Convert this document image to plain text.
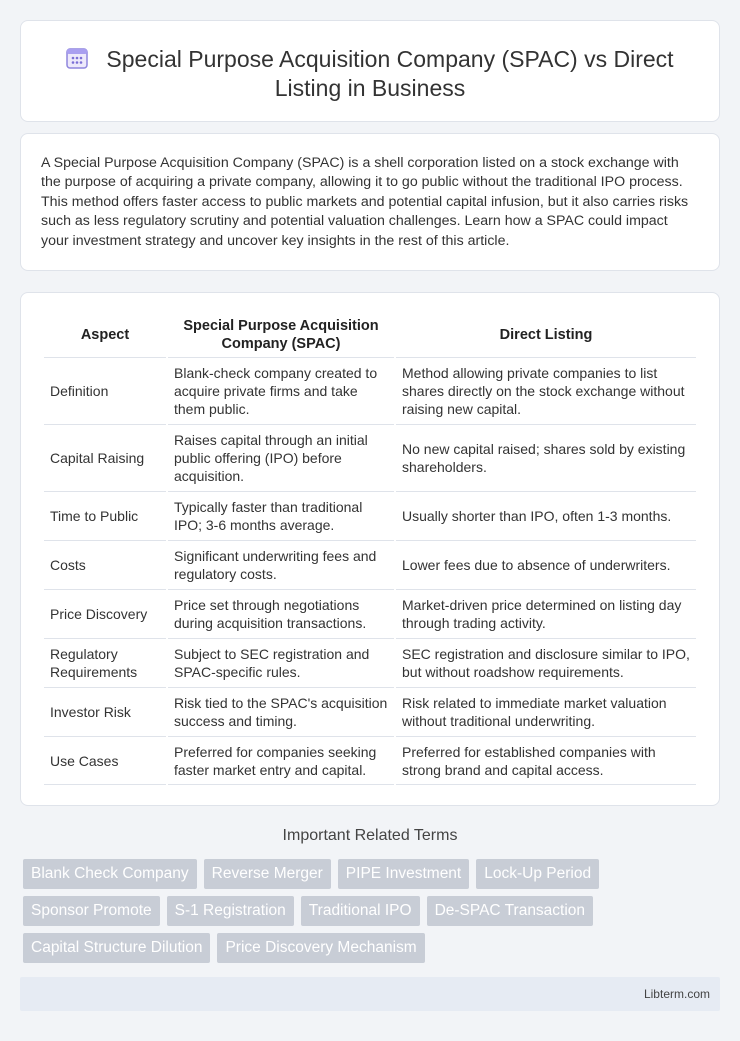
Special Purpose Acquisition Company (SPAC) vs Direct Listing in Business

A Special Purpose Acquisition Company (SPAC) is a shell corporation listed on a stock exchange with the purpose of acquiring a private company, allowing it to go public without the traditional IPO process. This method offers faster access to public markets and potential capital infusion, but it also carries risks such as less regulatory scrutiny and potential valuation challenges. Learn how a SPAC could impact your investment strategy and uncover key insights in the rest of this article.

Aspect	Special Purpose Acquisition Company (SPAC)	Direct Listing
Definition	Blank-check company created to acquire private firms and take them public.	Method allowing private companies to list shares directly on the stock exchange without raising new capital.
Capital Raising	Raises capital through an initial public offering (IPO) before acquisition.	No new capital raised; shares sold by existing shareholders.
Time to Public	Typically faster than traditional IPO; 3-6 months average.	Usually shorter than IPO, often 1-3 months.
Costs	Significant underwriting fees and regulatory costs.	Lower fees due to absence of underwriters.
Price Discovery	Price set through negotiations during acquisition transactions.	Market-driven price determined on listing day through trading activity.
Regulatory Requirements	Subject to SEC registration and SPAC-specific rules.	SEC registration and disclosure similar to IPO, but without roadshow requirements.
Investor Risk	Risk tied to the SPAC's acquisition success and timing.	Risk related to immediate market valuation without traditional underwriting.
Use Cases	Preferred for companies seeking faster market entry and capital.	Preferred for established companies with strong brand and capital access.
Important Related Terms
Blank Check Company	Reverse Merger	PIPE Investment	Lock-Up Period
Sponsor Promote	S-1 Registration	Traditional IPO	De-SPAC Transaction
Capital Structure Dilution	Price Discovery Mechanism
Libterm.com
